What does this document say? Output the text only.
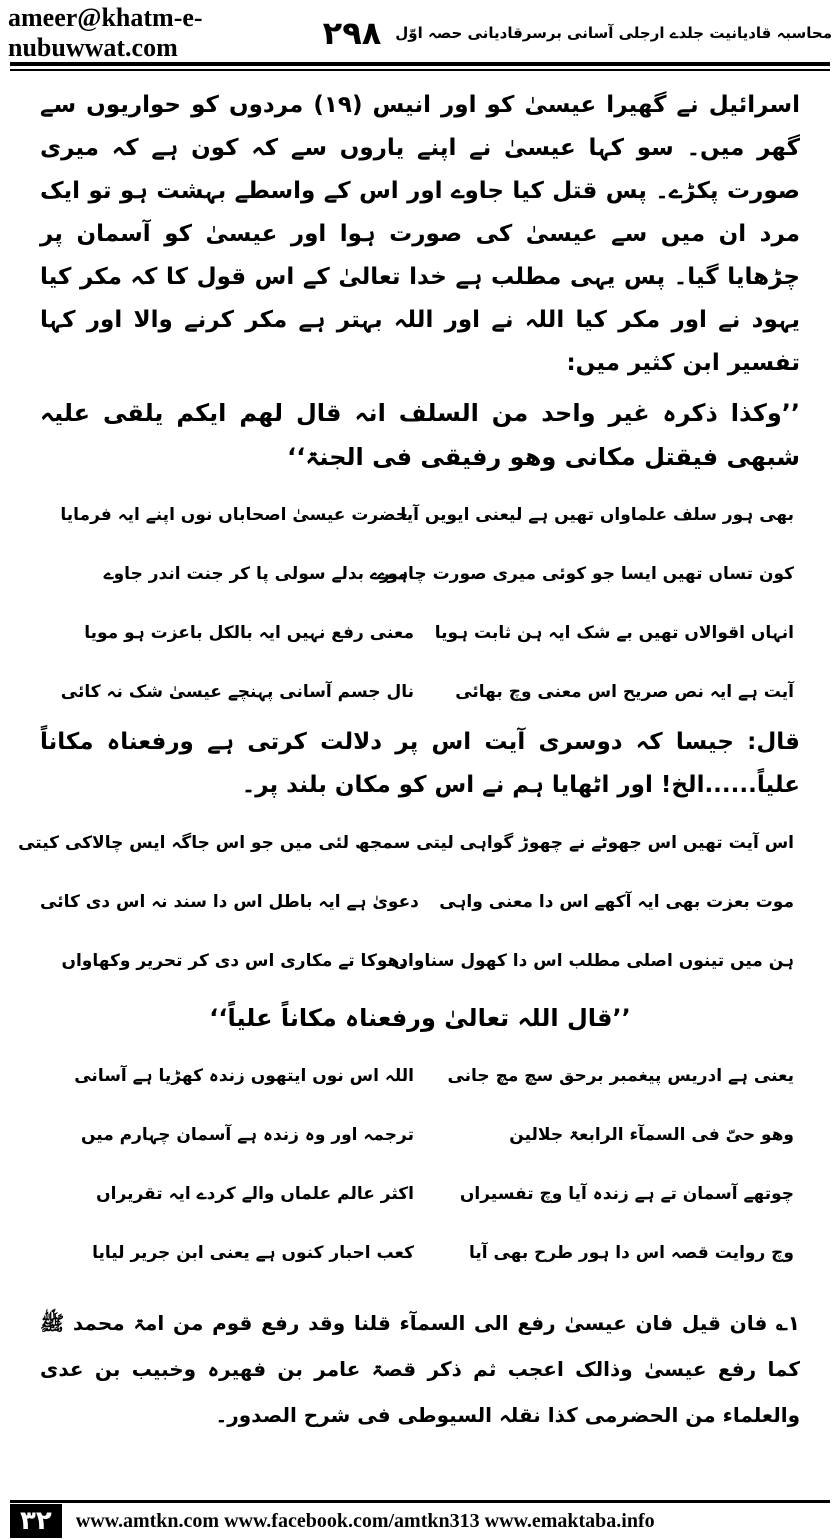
ameer@khatm-e-nubuwwat.com	۲۹۸ محاسبہ قادیانیت جلدے ارجلی آسانی برسرقادیانی حصہ اوّل

اسرائیل نے گھیرا عیسیٰ کو اور انیس (۱۹) مردوں کو حواریوں سے گھر میں۔ سو کہا عیسیٰ نے اپنے یاروں سے کہ کون ہے کہ میری صورت پکڑے۔ پس قتل کیا جاوے اور اس کے واسطے بہشت ہو تو ایک مرد ان میں سے عیسیٰ کی صورت ہوا اور عیسیٰ کو آسمان پر چڑھایا گیا۔ پس یہی مطلب ہے خدا تعالیٰ کے اس قول کا کہ مکر کیا یہود نے اور مکر کیا اللہ نے اور اللہ بہتر ہے مکر کرنے والا اور کہا تفسیر ابن کثیر میں:

’’وکذا ذکرہ غیر واحد من السلف انہ قال لھم ایکم یلقی علیہ شبھی فیقتل مکانی وھو رفیقی فی الجنۃ‘‘

بھی ہور سلف علماواں تھیں ہے لیعنی ایویں آیا
حضرت عیسیٰ اصحاباں نوں اپنے ایہ فرمایا
کون تساں تھیں ایسا جو کوئی میری صورت چاہوے
میرے بدلے سولی پا کر جنت اندر جاوے
انہاں اقوالاں تھیں بے شک ایہ ہن ثابت ہویا
معنی رفع نہیں ایہ بالکل باعزت ہو مویا
آیت ہے ایہ نص صریح اس معنی وچ بھائی
نال جسم آسانی پہنچے عیسیٰ شک نہ کائی

قال: جیسا کہ دوسری آیت اس پر دلالت کرتی ہے ورفعناہ مکاناً علیاً......الخ! اور اٹھایا ہم نے اس کو مکان بلند پر۔

اس آیت تھیں اس جھوٹے نے چھوڑ گواہی لیتی
سمجھ لئی میں جو اس جاگہ ایس چالاکی کیتی
موت بعزت بھی ایہ آکھے اس دا معنی واہی
دعویٰ ہے ایہ باطل اس دا سند نہ اس دی کائی
ہن میں تینوں اصلی مطلب اس دا کھول سناواں
دھوکا تے مکاری اس دی کر تحریر وکھاواں

’’قال اللہ تعالیٰ ورفعناہ مکاناً علیاً‘‘

یعنی ہے ادریس پیغمبر برحق سچ مچ جانی
اللہ اس نوں ایتھوں زندہ کھڑیا ہے آسانی
وھو حیّ فی السمآء الرابعۃ جلالین
ترجمہ اور وہ زندہ ہے آسمان چہارم میں
چوتھے آسمان تے ہے زندہ آیا وچ تفسیراں
اکثر عالم علماں والے کردے ایہ تقریراں
وچ روایت قصہ اس دا ہور طرح بھی آیا
کعب احبار کنوں ہے یعنی ابن جریر لیایا

۱؎ فان قیل فان عیسیٰ رفع الی السمآء قلنا وقد رفع قوم من امۃ محمد ﷺ کما رفع عیسیٰ وذالک اعجب ثم ذکر قصۃ عامر بن فھیرہ وخبیب بن عدی والعلماء من الحضرمی کذا نقلہ السیوطی فی شرح الصدور۔

۳۲	www.amtkn.com www.facebook.com/amtkn313 www.emaktaba.info
